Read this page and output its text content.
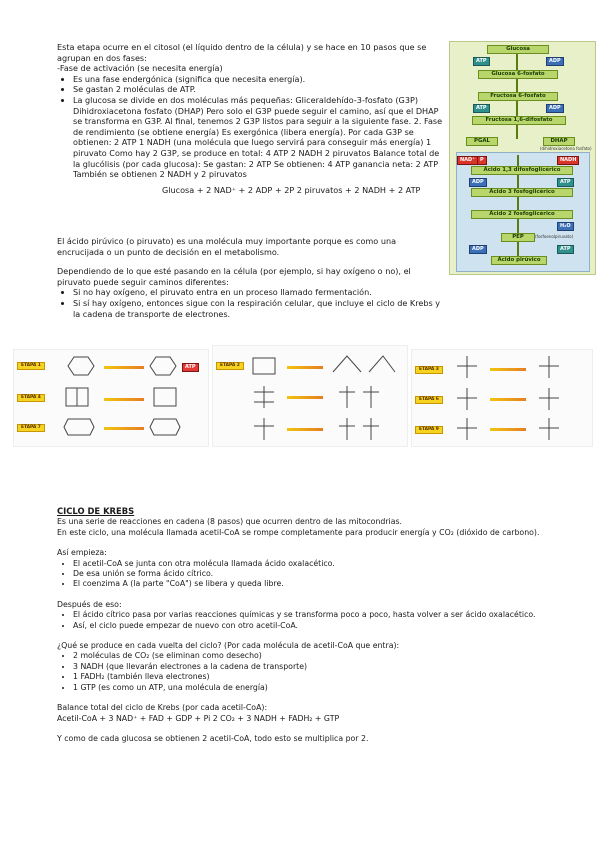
Esta etapa ocurre en el citosol (el líquido dentro de la célula) y se hace en 10 pasos que se agrupan en dos fases:

-Fase de activación (se necesita energía)

• Es una fase endergónica (significa que necesita energía).
• Se gastan 2 moléculas de ATP.
• La glucosa se divide en dos moléculas más pequeñas: Gliceraldehído-3-fosfato (G3P) Dihidroxiacetona fosfato (DHAP) Pero solo el G3P puede seguir el camino, así que el DHAP se transforma en G3P. Al final, tenemos 2 G3P listos para seguir a la siguiente fase. 2. Fase de rendimiento (se obtiene energía) Es exergónica (libera energía). Por cada G3P se obtienen: 2 ATP 1 NADH (una molécula que luego servirá para conseguir más energía) 1 piruvato Como hay 2 G3P, se produce en total: 4 ATP 2 NADH 2 piruvatos Balance total de la glucólisis (por cada glucosa): Se gastan: 2 ATP Se obtienen: 4 ATP ganancia neta: 2 ATP También se obtienen 2 NADH y 2 piruvatos

Glucosa + 2 NAD⁺ + 2 ADP + 2P 2 piruvatos + 2 NADH + 2 ATP

El ácido pirúvico (o piruvato) es una molécula muy importante porque es como una encrucijada o un punto de decisión en el metabolismo.

Dependiendo de lo que esté pasando en la célula (por ejemplo, si hay oxígeno o no), el piruvato puede seguir caminos diferentes:

• Si no hay oxígeno, el piruvato entra en un proceso llamado fermentación.
• Si sí hay oxígeno, entonces sigue con la respiración celular, que incluye el ciclo de Krebs y la cadena de transporte de electrones.
Glucosa
ATP	ADP
Glucosa 6-fosfato
Fructosa 6-fosfato
ATP	ADP
Fructosa 1,6-difosfato
PGAL	DHAP
(dihidroxiacetona fosfato)
NAD⁺	P	NADH
Ácido 1,3 difosfoglicérico
ADP	ATP
Ácido 3 fosfoglicérico
Ácido 2 fosfoglicérico
H₂O
PEP	(fosfoenolpiruvato)
ADP	ATP
Ácido pirúvico
ETAPA 1	ATP
ETAPA 4
ETAPA 7
ETAPA 2
ETAPA 3
ETAPA 6
ETAPA 9
CICLO DE KREBS

Es una serie de reacciones en cadena (8 pasos) que ocurren dentro de las mitocondrias.

En este ciclo, una molécula llamada acetil-CoA se rompe completamente para producir energía y CO₂ (dióxido de carbono).

Así empieza:

• El acetil-CoA se junta con otra molécula llamada ácido oxalacético.
• De esa unión se forma ácido cítrico.
• El coenzima A (la parte "CoA") se libera y queda libre.

Después de eso:

• El ácido cítrico pasa por varias reacciones químicas y se transforma poco a poco, hasta volver a ser ácido oxalacético.
• Así, el ciclo puede empezar de nuevo con otro acetil-CoA.

¿Qué se produce en cada vuelta del ciclo? (Por cada molécula de acetil-CoA que entra):

• 2 moléculas de CO₂ (se eliminan como desecho)
• 3 NADH (que llevarán electrones a la cadena de transporte)
• 1 FADH₂ (también lleva electrones)
• 1 GTP (es como un ATP, una molécula de energía)

Balance total del ciclo de Krebs (por cada acetil-CoA):

Acetil-CoA + 3 NAD⁺ + FAD + GDP + Pi 2 CO₂ + 3 NADH + FADH₂ + GTP

Y como de cada glucosa se obtienen 2 acetil-CoA, todo esto se multiplica por 2.
